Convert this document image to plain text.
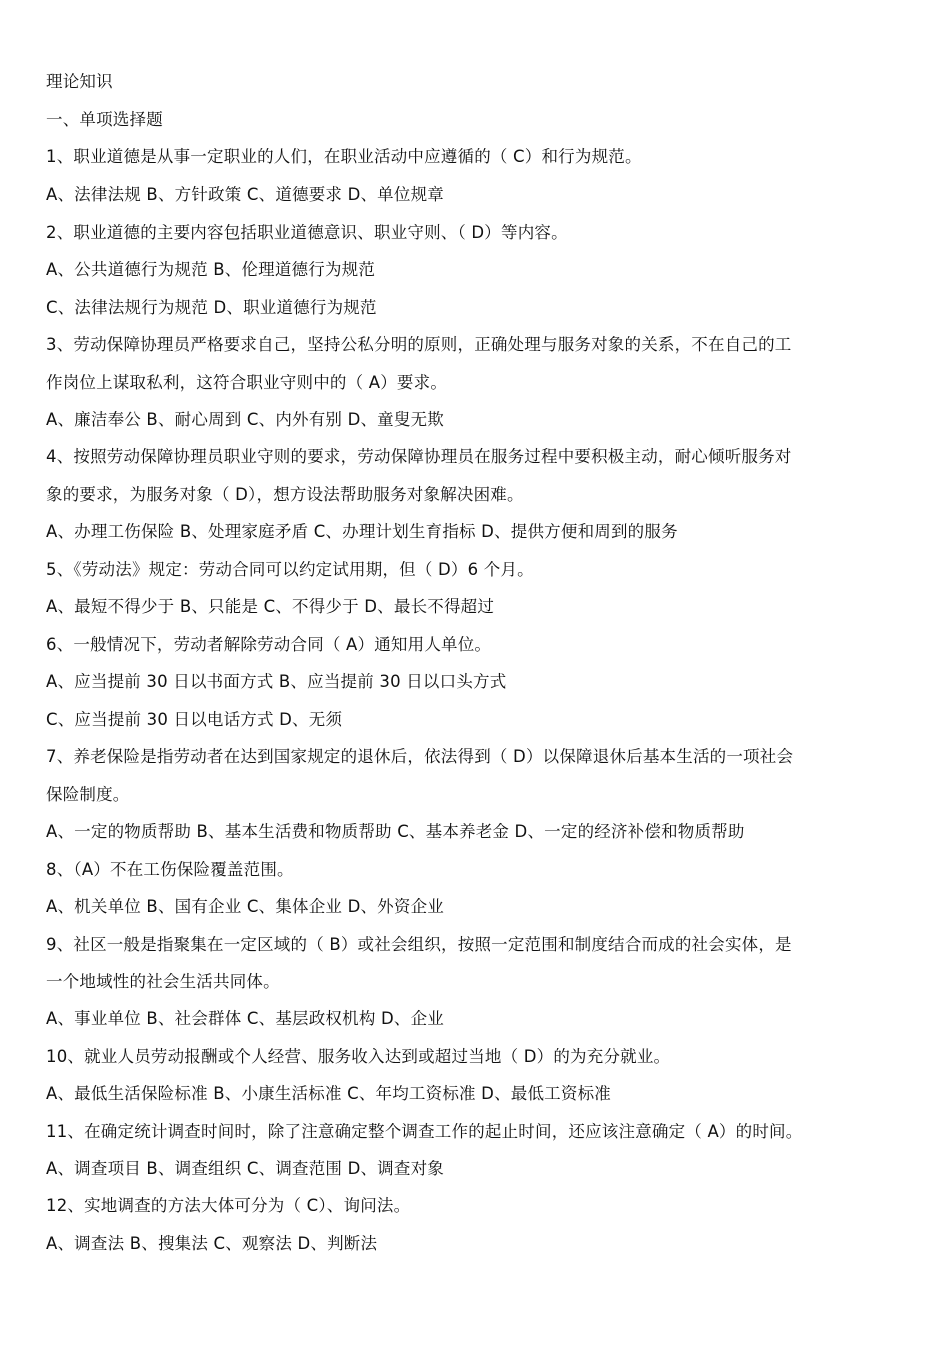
理论知识
一、单项选择题
1、职业道德是从事一定职业的人们，在职业活动中应遵循的（ C）和行为规范。
A、法律法规 B、方针政策 C、道德要求 D、单位规章
2、职业道德的主要内容包括职业道德意识、职业守则、（ D）等内容。
A、公共道德行为规范 B、伦理道德行为规范
C、法律法规行为规范 D、职业道德行为规范
3、劳动保障协理员严格要求自己，坚持公私分明的原则，正确处理与服务对象的关系，不在自己的工
作岗位上谋取私利，这符合职业守则中的（ A）要求。
A、廉洁奉公 B、耐心周到 C、内外有别 D、童叟无欺
4、按照劳动保障协理员职业守则的要求，劳动保障协理员在服务过程中要积极主动，耐心倾听服务对
象的要求，为服务对象（ D），想方设法帮助服务对象解决困难。
A、办理工伤保险 B、处理家庭矛盾 C、办理计划生育指标 D、提供方便和周到的服务
5、《劳动法》规定：劳动合同可以约定试用期，但（ D）6 个月。
A、最短不得少于 B、只能是 C、不得少于 D、最长不得超过
6、一般情况下，劳动者解除劳动合同（ A）通知用人单位。
A、应当提前 30 日以书面方式 B、应当提前 30 日以口头方式
C、应当提前 30 日以电话方式 D、无须
7、养老保险是指劳动者在达到国家规定的退休后，依法得到（ D）以保障退休后基本生活的一项社会
保险制度。
A、一定的物质帮助 B、基本生活费和物质帮助 C、基本养老金 D、一定的经济补偿和物质帮助
8、（A）不在工伤保险覆盖范围。
A、机关单位 B、国有企业 C、集体企业 D、外资企业
9、社区一般是指聚集在一定区域的（ B）或社会组织，按照一定范围和制度结合而成的社会实体，是
一个地域性的社会生活共同体。
A、事业单位 B、社会群体 C、基层政权机构 D、企业
10、就业人员劳动报酬或个人经营、服务收入达到或超过当地（ D）的为充分就业。
A、最低生活保险标准 B、小康生活标准 C、年均工资标准 D、最低工资标准
11、在确定统计调查时间时，除了注意确定整个调查工作的起止时间，还应该注意确定（ A）的时间。
A、调查项目 B、调查组织 C、调查范围 D、调查对象
12、实地调查的方法大体可分为（ C）、询问法。
A、调查法 B、搜集法 C、观察法 D、判断法
